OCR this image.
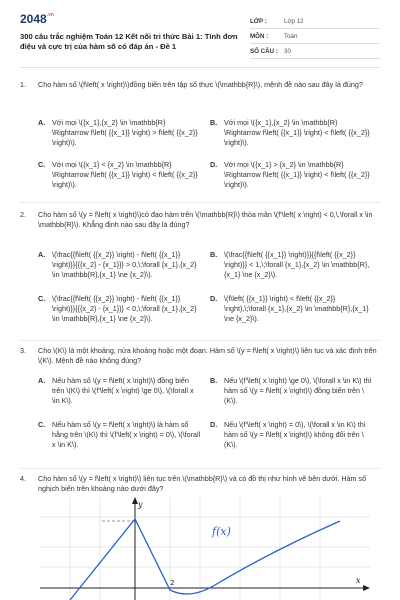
$2048^{.vn}$
300 câu trắc nghiệm Toán 12 Kết nối tri thức Bài 1: Tính đơn điệu và cực trị của hàm số có đáp án - Đề 1
LỚP :	Lớp 12
MÔN :	Toán
SỐ CÂU : 30
1.	Cho hàm số \(f\left( x \right)\)đồng biến trên tập số thực \(\mathbb{R}\), mệnh đề nào sau đây là đúng?
A. Với mọi \({x_1},{x_2} \in \mathbb{R} \Rightarrow f\left( {{x_1}} \right) > f\left( {{x_2}} \right)\).
B. Với mọi \({x_1},{x_2} \in \mathbb{R} \Rightarrow f\left( {{x_1}} \right) < f\left( {{x_2}} \right)\).
C. Với mọi \({x_1} < {x_2} \in \mathbb{R} \Rightarrow f\left( {{x_1}} \right) < f\left( {{x_2}} \right)\).
D. Với mọi \({x_1} > {x_2} \in \mathbb{R} \Rightarrow f\left( {{x_1}} \right) < f\left( {{x_2}} \right)\).
2.	Cho hàm số \(y = f\left( x \right)\)có đạo hàm trên \(\mathbb{R}\) thỏa mãn \(f'\left( x \right) < 0,\,\forall x \in \mathbb{R}\). Khẳng định nào sau đây là đúng?
A. \(\frac{{f\left( {{x_2}} \right) - f\left( {{x_1}} \right)}}{{{x_2} - {x_1}}} > 0,\;\forall {x_1},{x_2} \in \mathbb{R},{x_1} \ne {x_2}\).
B. \(\frac{{f\left( {{x_1}} \right)}}{{f\left( {{x_2}} \right)}} < 1,\;\forall {x_1},{x_2} \in \mathbb{R},{x_1} \ne {x_2}\).
C. \(\frac{{f\left( {{x_2}} \right) - f\left( {{x_1}} \right)}}{{{x_2} - {x_1}}} < 0,\;\forall {x_1},{x_2} \in \mathbb{R},{x_1} \ne {x_2}\).
D. \(f\left( {{x_1}} \right) < f\left( {{x_2}} \right),\;\forall {x_1},{x_2} \in \mathbb{R},{x_1} \ne {x_2}\).
3.	Cho \(K\) là một khoảng, nửa khoảng hoặc một đoạn. Hàm số \(y = f\left( x \right)\) liên tục và xác định trên \(K\). Mệnh đề nào không đúng?
A. Nếu hàm số \(y = f\left( x \right)\) đồng biến trên \(K\) thì \(f'\left( x \right) \ge 0\), \(\forall x \in K\).
B. Nếu \(f'\left( x \right) \ge 0\), \(\forall x \in K\) thì hàm số \(y = f\left( x \right)\) đồng biến trên \(K\).
C. Nếu hàm số \(y = f\left( x \right)\) là hàm số hằng trên \(K\) thì \(f'\left( x \right) = 0\), \(\forall x \in K\).
D. Nếu \(f'\left( x \right) = 0\), \(\forall x \in K\) thì hàm số \(y = f\left( x \right)\) không đổi trên \(K\).
4.	Cho hàm số \(y = f\left( x \right)\) liên tục trên \(\mathbb{R}\) và có đồ thị như hình vẽ bên dưới. Hàm số nghịch biến trên khoảng nào dưới đây?
y
x
2
f(x)
